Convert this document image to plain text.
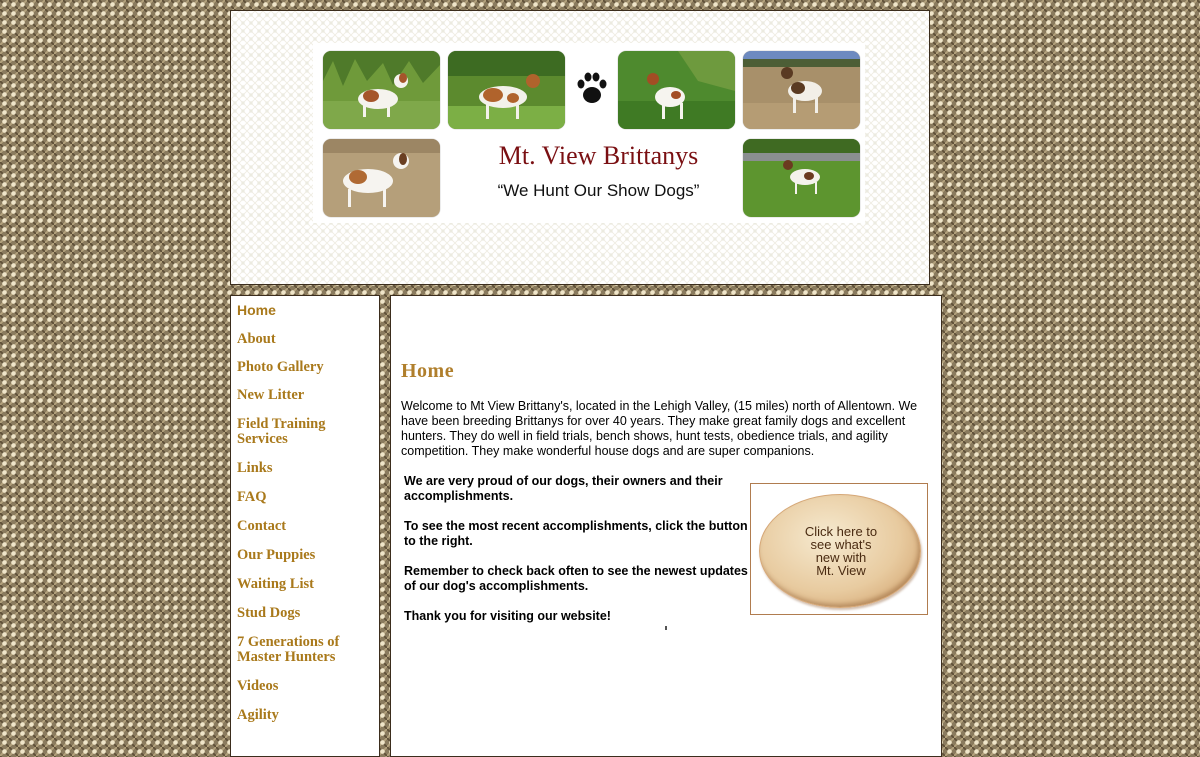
Mt. View Brittanys
“We Hunt Our Show Dogs”
Home
About
Photo Gallery
New Litter
Field Training Services
Links
FAQ
Contact
Our Puppies
Waiting List
Stud Dogs
7 Generations of Master Hunters
Videos
Agility
Home

Welcome to Mt View Brittany's, located in the Lehigh Valley, (15 miles) north of Allentown. We have been breeding Brittanys for over 40 years. They make great family dogs and excellent hunters. They do well in field trials, bench shows, hunt tests, obedience trials, and agility competition. They make wonderful house dogs and are super companions.

We are very proud of our dogs, their owners and their accomplishments.

To see the most recent accomplishments, click the button to the right.

Remember to check back often to see the newest updates of our dog's accomplishments.

Thank you for visiting our website!

Click here to
see what's
new with
Mt. View
